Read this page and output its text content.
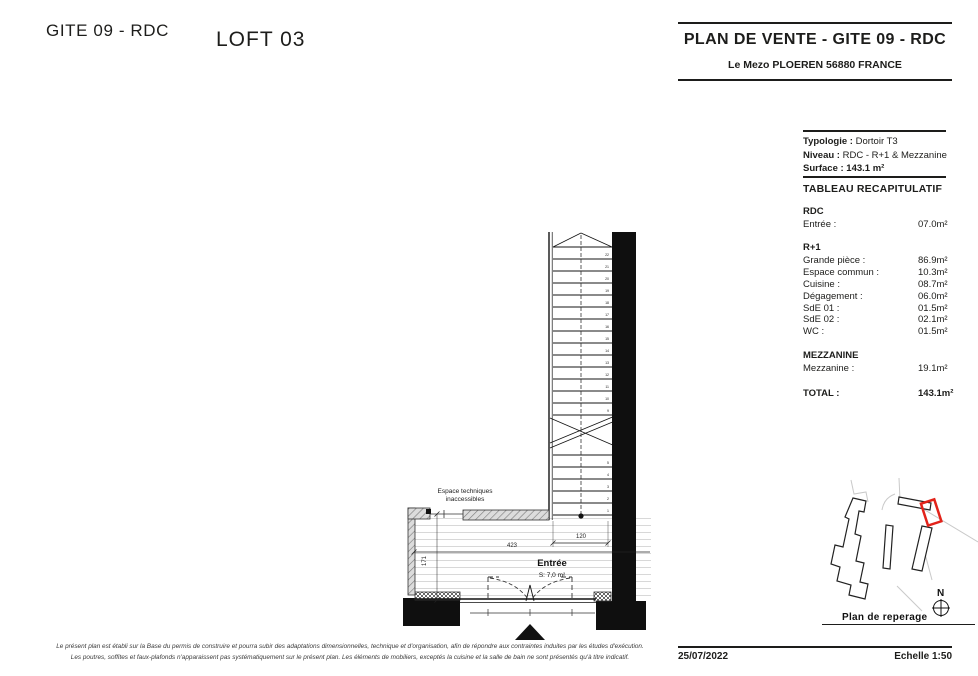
GITE 09 - RDC LOFT 03	PLAN DE VENTE - GITE 09 - RDC
Le Mezo PLOEREN 56880 FRANCE
Typologie : Dortoir T3
Niveau : RDC - R+1 & Mezzanine
Surface : 143.1 m²
TABLEAU RECAPITULATIF
RDC
Entrée :	07.0m²
R+1
Grande pièce :	86.9m²
Espace commun :	10.3m²
Cuisine :	08.7m²
Dégagement :	06.0m²
SdE 01 :	01.5m²
SdE 02 :	02.1m²
WC :	01.5m²
MEZZANINE
Mezzanine :	19.1m²
TOTAL :	143.1m²
22
21
20
19
18
17
16
15
14
13
12
11
10
9
5
4
3
2
1
120
423
171
Espace techniques
inaccessibles
Entrée
S: 7,0 m²
N
Plan de reperage
Le présent plan est établi sur la Base du permis de construire et pourra subir des adaptations dimensionnelles, technique et d'organisation, afin de répondre aux contraintes induites par les études d'exécution.
Les poutres, soffites et faux-plafonds n'apparaissent pas systématiquement sur le présent plan. Les éléments de mobiliers, exceptés la cuisine et la salle de bain ne sont présentés qu'à titre indicatif.	25/07/2022	Echelle 1:50
